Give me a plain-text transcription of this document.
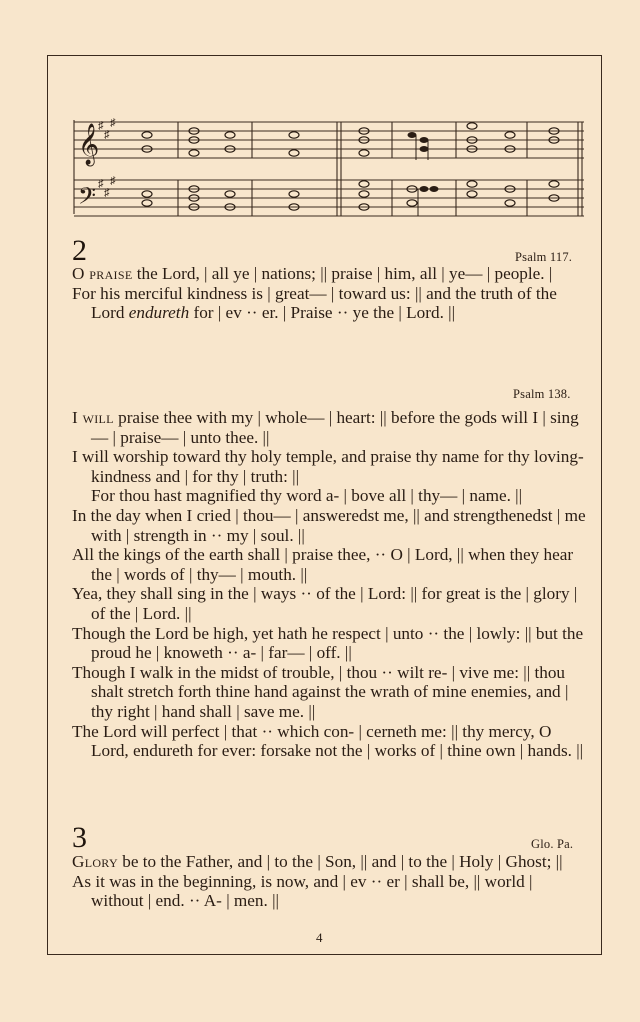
𝄞
𝄢
♯
♯
♯
♯
♯
♯
2	Psalm 117.

O praise the Lord, | all ye | nations; || praise | him, all | ye— | people. |

For his merciful kindness is | great— | toward us: || and the truth of the Lord endureth for | ev ·· er. | Praise ·· ye the | Lord. ||

Psalm 138.

I will praise thee with my | whole— | heart: || before the gods will I | sing— | praise— | unto thee. ||

I will worship toward thy holy temple, and praise thy name for thy loving-kindness and | for thy | truth: ||

For thou hast magnified thy word a- | bove all | thy— | name. ||

In the day when I cried | thou— | answeredst me, || and strengthenedst | me with | strength in ·· my | soul. ||

All the kings of the earth shall | praise thee, ·· O | Lord, || when they hear the | words of | thy— | mouth. ||

Yea, they shall sing in the | ways ·· of the | Lord: || for great is the | glory | of the | Lord. ||

Though the Lord be high, yet hath he respect | unto ·· the | lowly: || but the proud he | knoweth ·· a- | far— | off. ||

Though I walk in the midst of trouble, | thou ·· wilt re- | vive me: || thou shalt stretch forth thine hand against the wrath of mine enemies, and | thy right | hand shall | save me. ||

The Lord will perfect | that ·· which con- | cerneth me: || thy mercy, O Lord, endureth for ever: forsake not the | works of | thine own | hands. ||

3	Glo. Pa.

Glory be to the Father, and | to the | Son, || and | to the | Holy | Ghost; ||

As it was in the beginning, is now, and | ev ·· er | shall be, || world | without | end. ·· A- | men. ||

4
